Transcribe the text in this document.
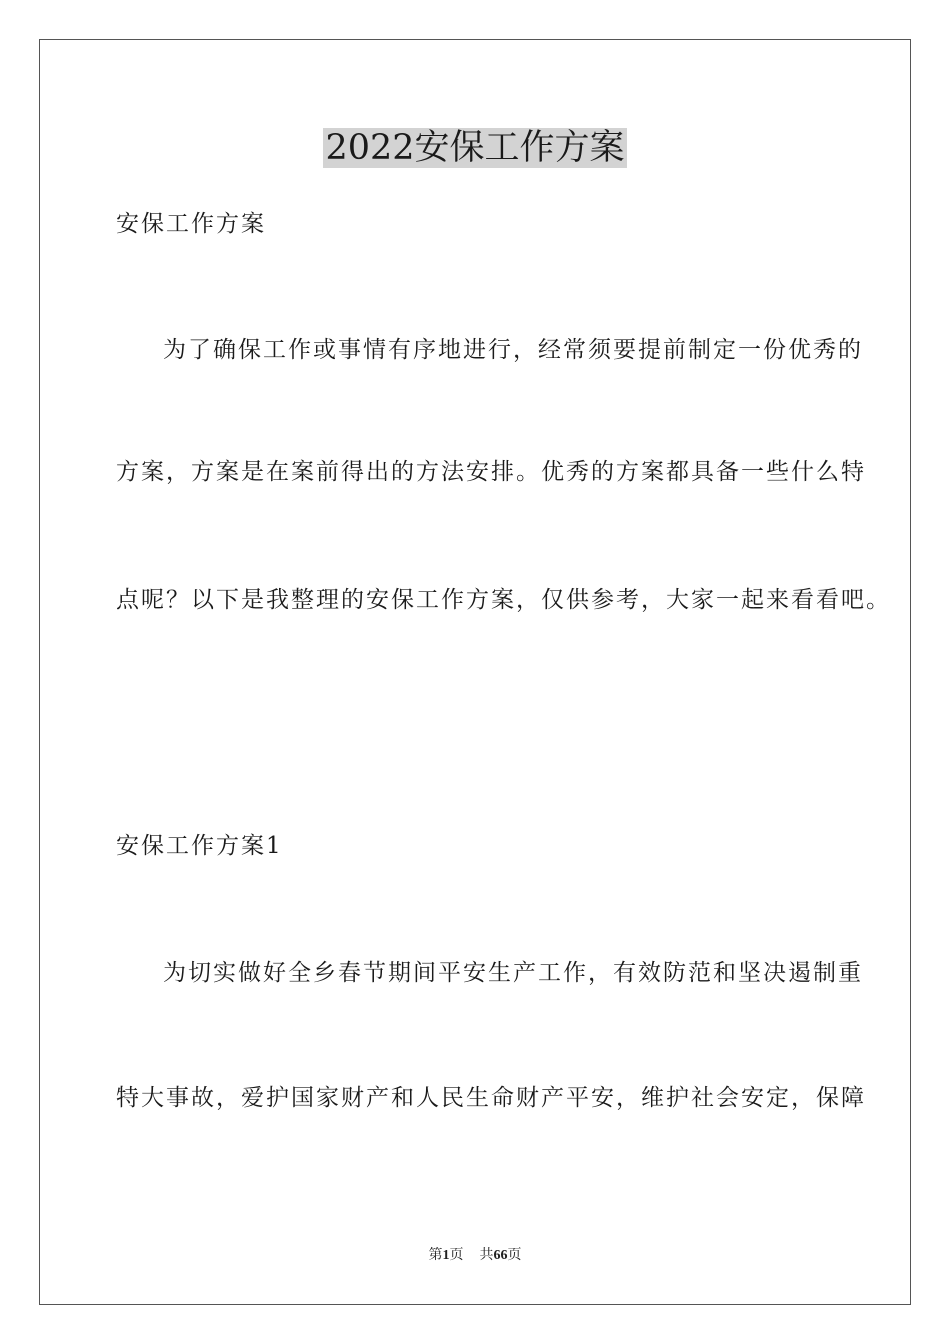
2022安保工作方案

安保工作方案

为了确保工作或事情有序地进行，经常须要提前制定一份优秀的

方案，方案是在案前得出的方法安排。优秀的方案都具备一些什么特

点呢？以下是我整理的安保工作方案，仅供参考，大家一起来看看吧。

安保工作方案1

为切实做好全乡春节期间平安生产工作，有效防范和坚决遏制重

特大事故，爱护国家财产和人民生命财产平安，维护社会安定，保障

第1页 共66页
